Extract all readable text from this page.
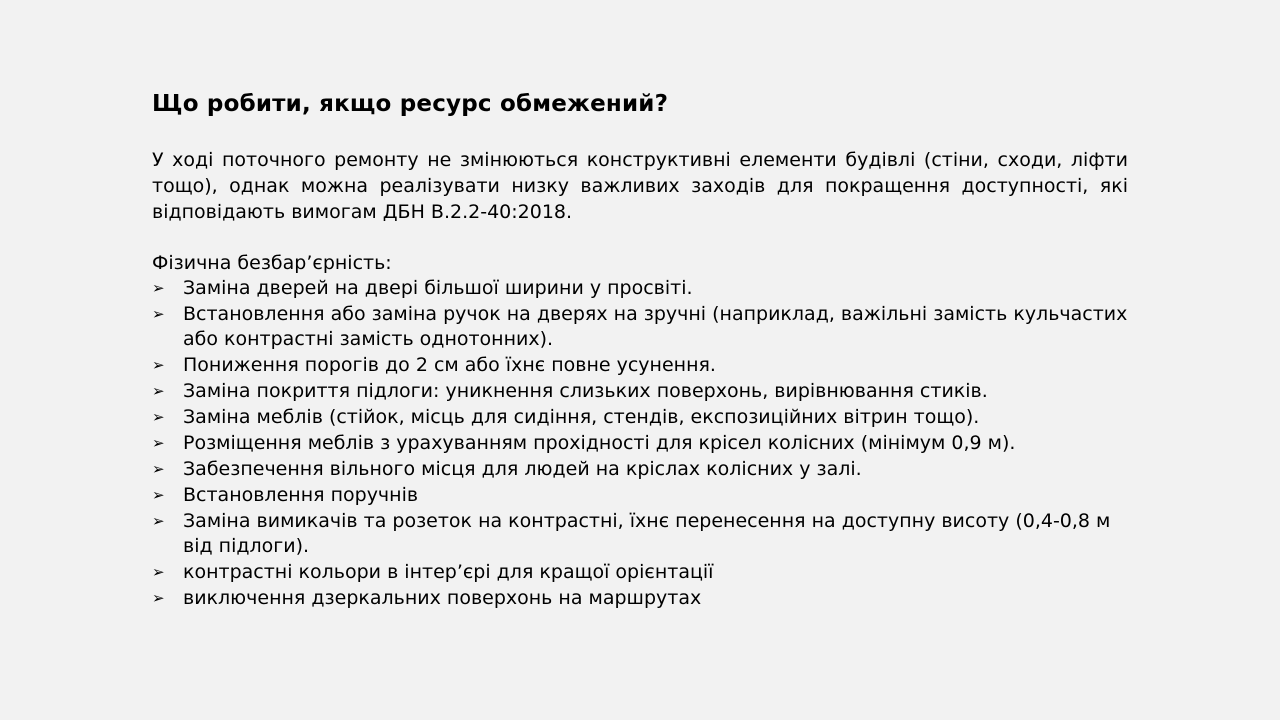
Що робити, якщо ресурс обмежений?

У ході поточного ремонту не змінюються конструктивні елементи будівлі (стіни, сходи, ліфти тощо), однак можна реалізувати низку важливих заходів для покращення доступності, які відповідають вимогам ДБН В.2.2-40:2018.

Фізична безбар’єрність:

➢ Заміна дверей на двері більшої ширини у просвіті.
➢ Встановлення або заміна ручок на дверях на зручні (наприклад, важільні замість кульчастих або контрастні замість однотонних).
➢ Пониження порогів до 2 см або їхнє повне усунення.
➢ Заміна покриття підлоги: уникнення слизьких поверхонь, вирівнювання стиків.
➢ Заміна меблів (стійок, місць для сидіння, стендів, експозиційних вітрин тощо).
➢ Розміщення меблів з урахуванням прохідності для крісел колісних (мінімум 0,9 м).
➢ Забезпечення вільного місця для людей на кріслах колісних у залі.
➢ Встановлення поручнів
➢ Заміна вимикачів та розеток на контрастні, їхнє перенесення на доступну висоту (0,4-0,8 м від підлоги).
➢ контрастні кольори в інтер’єрі для кращої орієнтації
➢ виключення дзеркальних поверхонь на маршрутах
